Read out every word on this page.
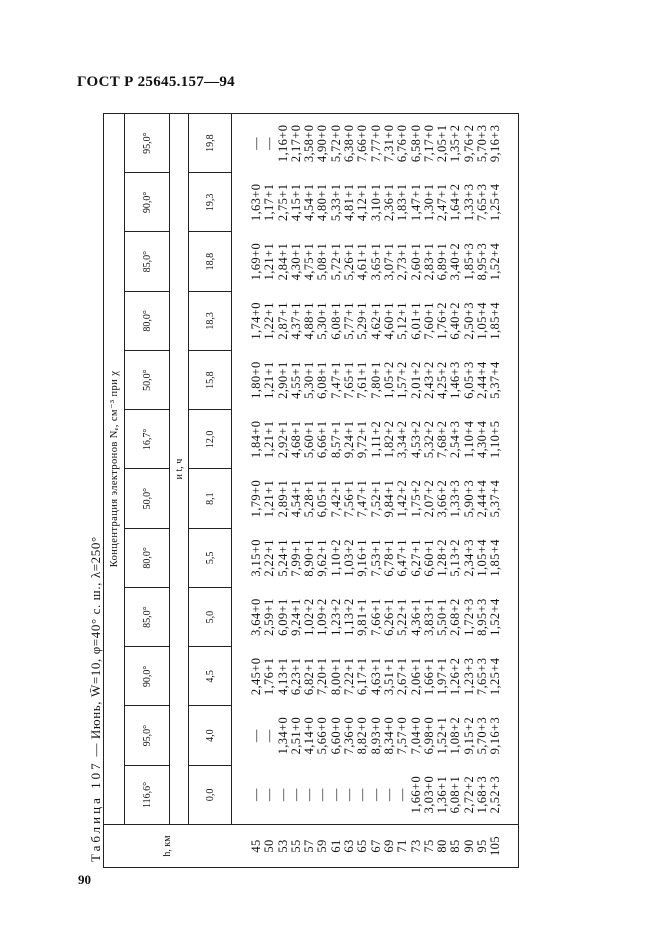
ГОСТ Р 25645.157—94
Таблица 107 — Июнь, W̄=10, φ=40° с. ш., λ=250°
h, км	Концентрация электронов Nₑ, см⁻³ при χ											
	116,6°	95,0°	90,0°	85,0°	80,0°	50,0°	16,7°	50,0°	80,0°	85,0°	90,0°	95,0°
	и t, ч											
	0,0	4,0	4,5	5,0	5,5	8,1	12,0	15,8	18,3	18,8	19,3	19,8

45	—	—	2,45+0	3,64+0	3,15+0	1,79+0	1,84+0	1,80+0	1,74+0	1,69+0	1,63+0	—
50	—	—	1,76+1	2,59+1	2,22+1	1,21+1	1,21+1	1,21+1	1,22+1	1,21+1	1,17+1	—
53	—	1,34+0	4,13+1	6,09+1	5,24+1	2,89+1	2,92+1	2,90+1	2,87+1	2,84+1	2,75+1	1,16+0
55	—	2,51+0	6,23+1	9,24+1	7,99+1	4,54+1	4,68+1	4,55+1	4,37+1	4,30+1	4,15+1	2,17+0
57	—	4,14+0	6,82+1	1,02+2	8,90+1	5,28+1	5,60+1	5,30+1	4,88+1	4,75+1	4,54+1	3,58+0
59	—	5,66+0	7,20+1	1,09+2	9,62+1	6,05+1	6,66+1	6,08+1	5,30+1	5,08+1	4,80+1	4,90+0
61	—	6,60+0	8,00+1	1,23+2	1,10+2	7,42+1	8,57+1	7,47+1	6,08+1	5,72+1	5,33+1	5,72+0
63	—	7,36+0	7,22+1	1,13+2	1,03+2	7,56+1	9,24+1	7,65+1	5,77+1	5,26+1	4,81+1	6,38+0
65	—	8,82+0	6,17+1	9,81+1	9,16+1	7,47+1	9,72+1	7,61+1	5,29+1	4,61+1	4,12+1	7,66+0
67	—	8,93+0	4,63+1	7,66+1	7,53+1	7,52+1	1,11+2	7,80+1	4,62+1	3,65+1	3,10+1	7,77+0
69	—	8,34+0	3,51+1	6,26+1	6,78+1	9,84+1	1,82+2	1,05+2	4,60+1	3,07+1	2,36+1	7,31+0
71	—	7,57+0	2,67+1	5,22+1	6,47+1	1,42+2	3,34+2	1,57+2	5,12+1	2,73+1	1,83+1	6,76+0
73	1,66+0	7,04+0	2,06+1	4,36+1	6,27+1	1,75+2	4,53+2	2,01+2	6,01+1	2,60+1	1,47+1	6,58+0
75	3,03+0	6,98+0	1,66+1	3,83+1	6,60+1	2,07+2	5,32+2	2,43+2	7,60+1	2,83+1	1,30+1	7,17+0
80	1,36+1	1,52+1	1,97+1	5,50+1	1,28+2	3,66+2	7,68+2	4,25+2	1,76+2	6,89+1	2,47+1	2,05+1
85	6,08+1	1,08+2	1,26+2	2,68+2	5,13+2	1,33+3	2,54+3	1,46+3	6,40+2	3,40+2	1,64+2	1,35+2
90	2,72+2	9,15+2	1,23+3	1,72+3	2,34+3	5,90+3	1,10+4	6,05+3	2,50+3	1,85+3	1,33+3	9,76+2
95	1,68+3	5,70+3	7,65+3	8,95+3	1,05+4	2,44+4	4,30+4	2,44+4	1,05+4	8,95+3	7,65+3	5,70+3
105	2,52+3	9,16+3	1,25+4	1,52+4	1,85+4	5,37+4	1,10+5	5,37+4	1,85+4	1,52+4	1,25+4	9,16+3

90
